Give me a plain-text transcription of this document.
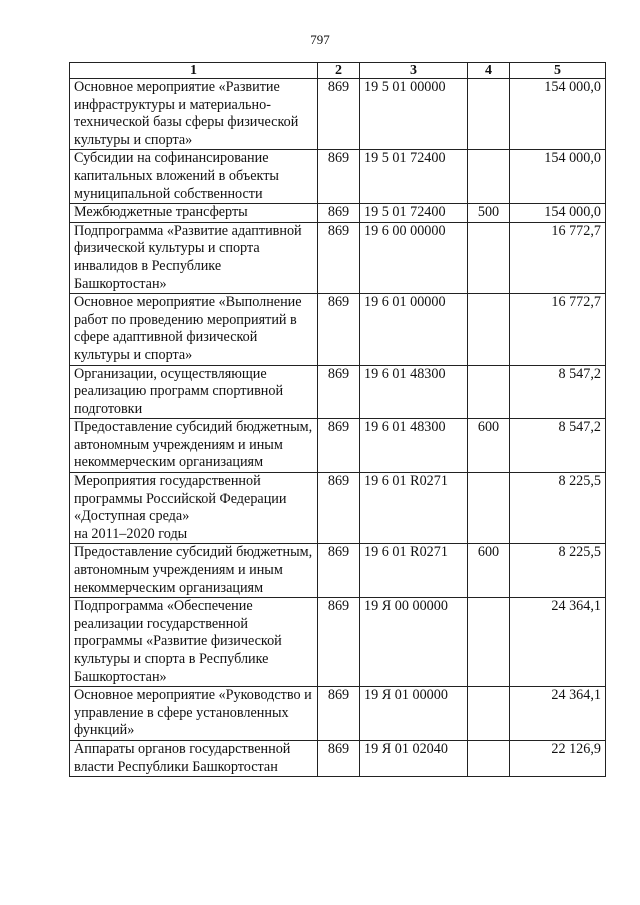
797
1	2	3	4	5
Основное мероприятие «Развитие инфраструктуры и материально-технической базы сферы физической культуры и спорта»	869	19 5 01 00000		154 000,0
Субсидии на софинансирование капитальных вложений в объекты муниципальной собственности	869	19 5 01 72400		154 000,0
Межбюджетные трансферты	869	19 5 01 72400	500	154 000,0
Подпрограмма «Развитие адаптивной физической культуры и спорта инвалидов в Республике Башкортостан»	869	19 6 00 00000		16 772,7
Основное мероприятие «Выполнение работ по проведению мероприятий в сфере адаптивной физической культуры и спорта»	869	19 6 01 00000		16 772,7
Организации, осуществляющие реализацию программ спортивной подготовки	869	19 6 01 48300		8 547,2
Предоставление субсидий бюджетным, автономным учреждениям и иным некоммерческим организациям	869	19 6 01 48300	600	8 547,2
Мероприятия государственной программы Российской Федерации «Доступная среда»
на 2011–2020 годы	869	19 6 01 R0271		8 225,5
Предоставление субсидий бюджетным, автономным учреждениям и иным некоммерческим организациям	869	19 6 01 R0271	600	8 225,5
Подпрограмма «Обеспечение реализации государственной программы «Развитие физической культуры и спорта в Республике Башкортостан»	869	19 Я 00 00000		24 364,1
Основное мероприятие «Руководство и управление в сфере установленных функций»	869	19 Я 01 00000		24 364,1
Аппараты органов государственной власти Республики Башкортостан	869	19 Я 01 02040		22 126,9
